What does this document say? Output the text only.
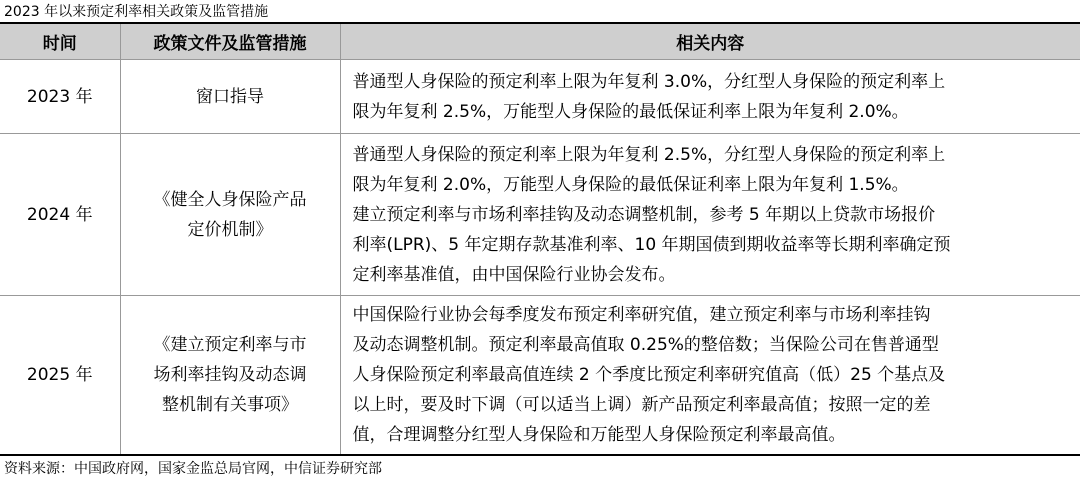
2023 年以来预定利率相关政策及监管措施
时间	政策文件及监管措施	相关内容
2023 年	窗口指导	普通型人身保险的预定利率上限为年复利 3.0%，分红型人身保险的预定利率上
限为年复利 2.5%，万能型人身保险的最低保证利率上限为年复利 2.0%。

2024 年	《健全人身保险产品
定价机制》	普通型人身保险的预定利率上限为年复利 2.5%，分红型人身保险的预定利率上
限为年复利 2.0%，万能型人身保险的最低保证利率上限为年复利 1.5%。
建立预定利率与市场利率挂钩及动态调整机制，参考 5 年期以上贷款市场报价
利率(LPR)、5 年定期存款基准利率、10 年期国债到期收益率等长期利率确定预
定利率基准值，由中国保险行业协会发布。

2025 年	《建立预定利率与市
场利率挂钩及动态调
整机制有关事项》	中国保险行业协会每季度发布预定利率研究值，建立预定利率与市场利率挂钩
及动态调整机制。预定利率最高值取 0.25%的整倍数；当保险公司在售普通型
人身保险预定利率最高值连续 2 个季度比预定利率研究值高（低）25 个基点及
以上时，要及时下调（可以适当上调）新产品预定利率最高值；按照一定的差
值，合理调整分红型人身保险和万能型人身保险预定利率最高值。
资料来源：中国政府网，国家金监总局官网，中信证券研究部
